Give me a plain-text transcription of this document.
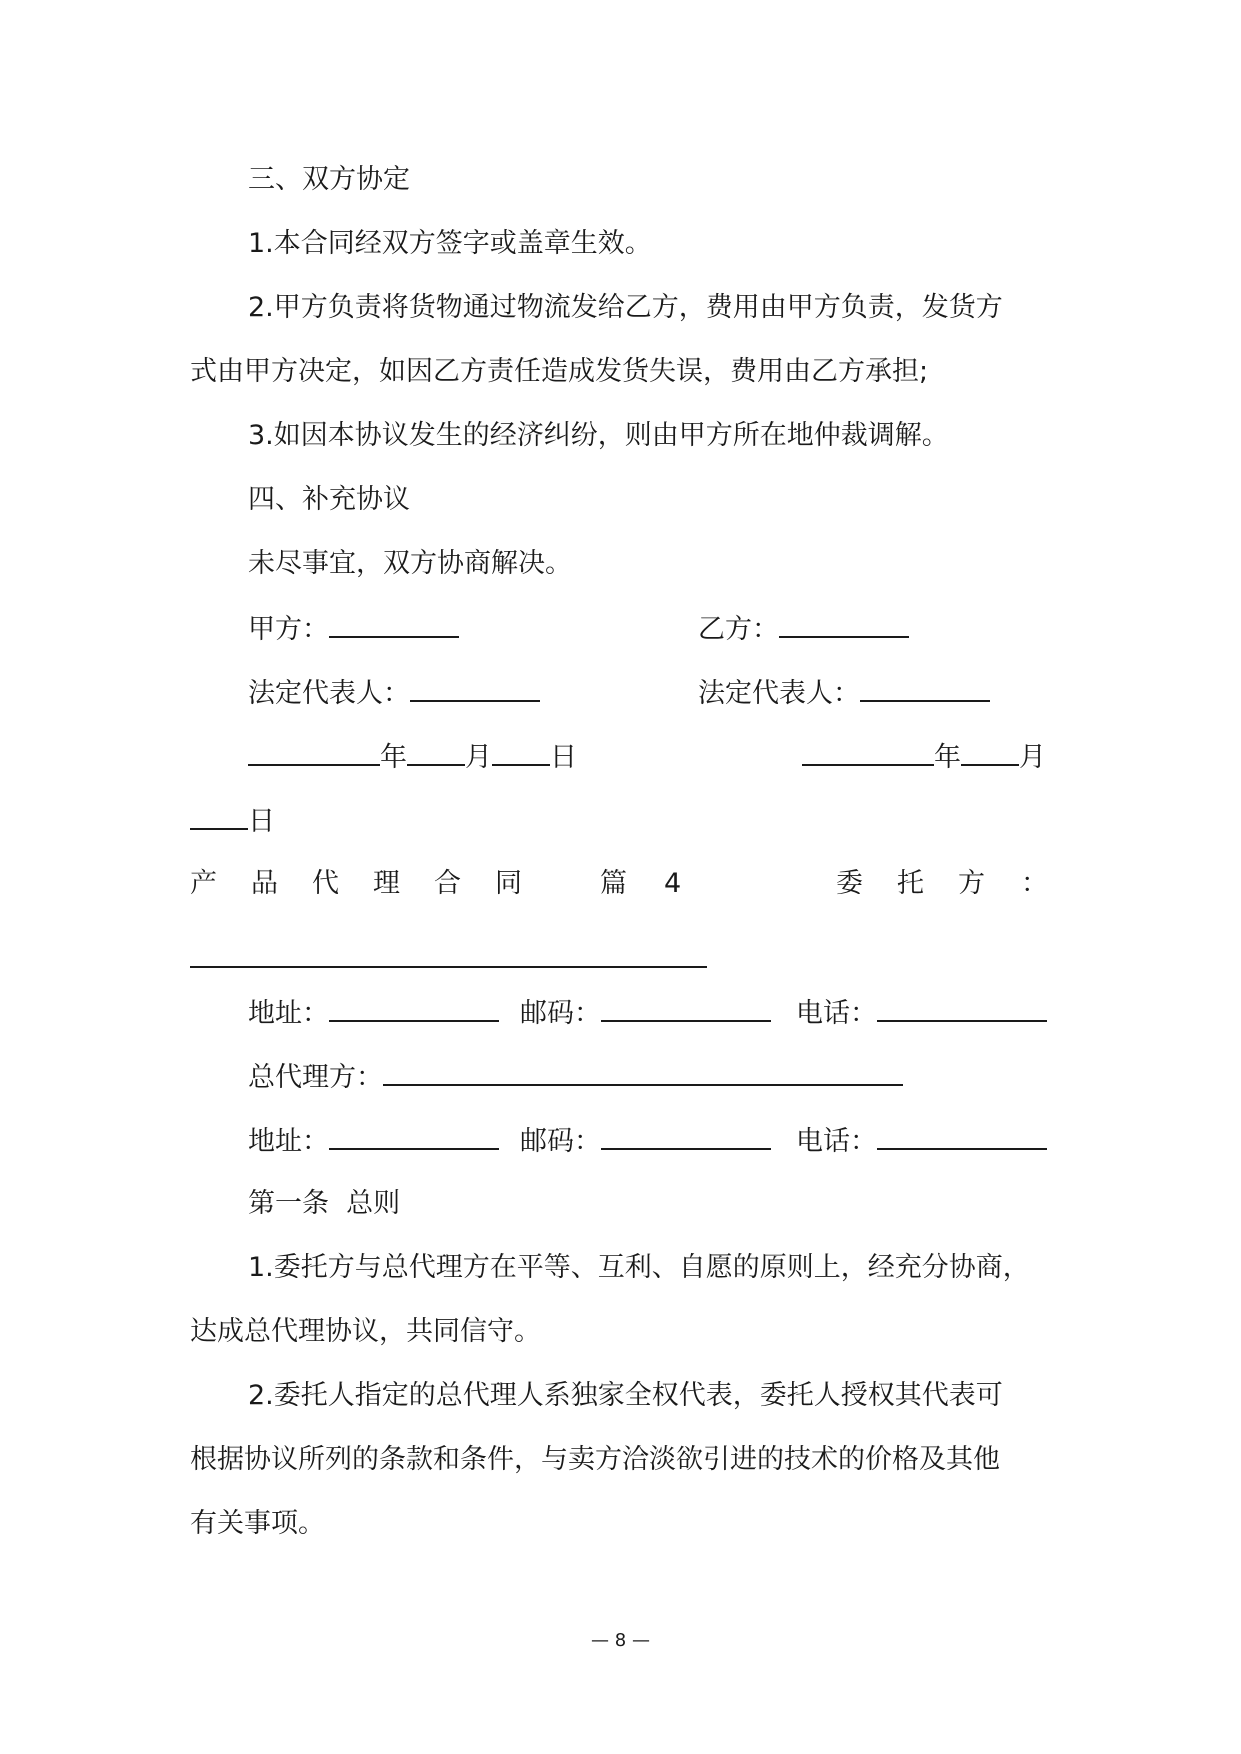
三、双方协定
1.本合同经双方签字或盖章生效。
2.甲方负责将货物通过物流发给乙方，费用由甲方负责，发货方
式由甲方决定，如因乙方责任造成发货失误，费用由乙方承担;
3.如因本协议发生的经济纠纷，则由甲方所在地仲裁调解。
四、补充协议
未尽事宜，双方协商解决。
甲方：	乙方：
法定代表人：	法定代表人：
年 月 日	年 月
日
产 品 代 理 合 同	篇 4	委 托 方 ：
地址：	邮码：	电话：
总代理方：
地址：	邮码：	电话：
第一条  总则
1.委托方与总代理方在平等、互利、自愿的原则上，经充分协商，
达成总代理协议，共同信守。
2.委托人指定的总代理人系独家全权代表，委托人授权其代表可
根据协议所列的条款和条件，与卖方洽淡欲引进的技术的价格及其他
有关事项。
— 8 —
